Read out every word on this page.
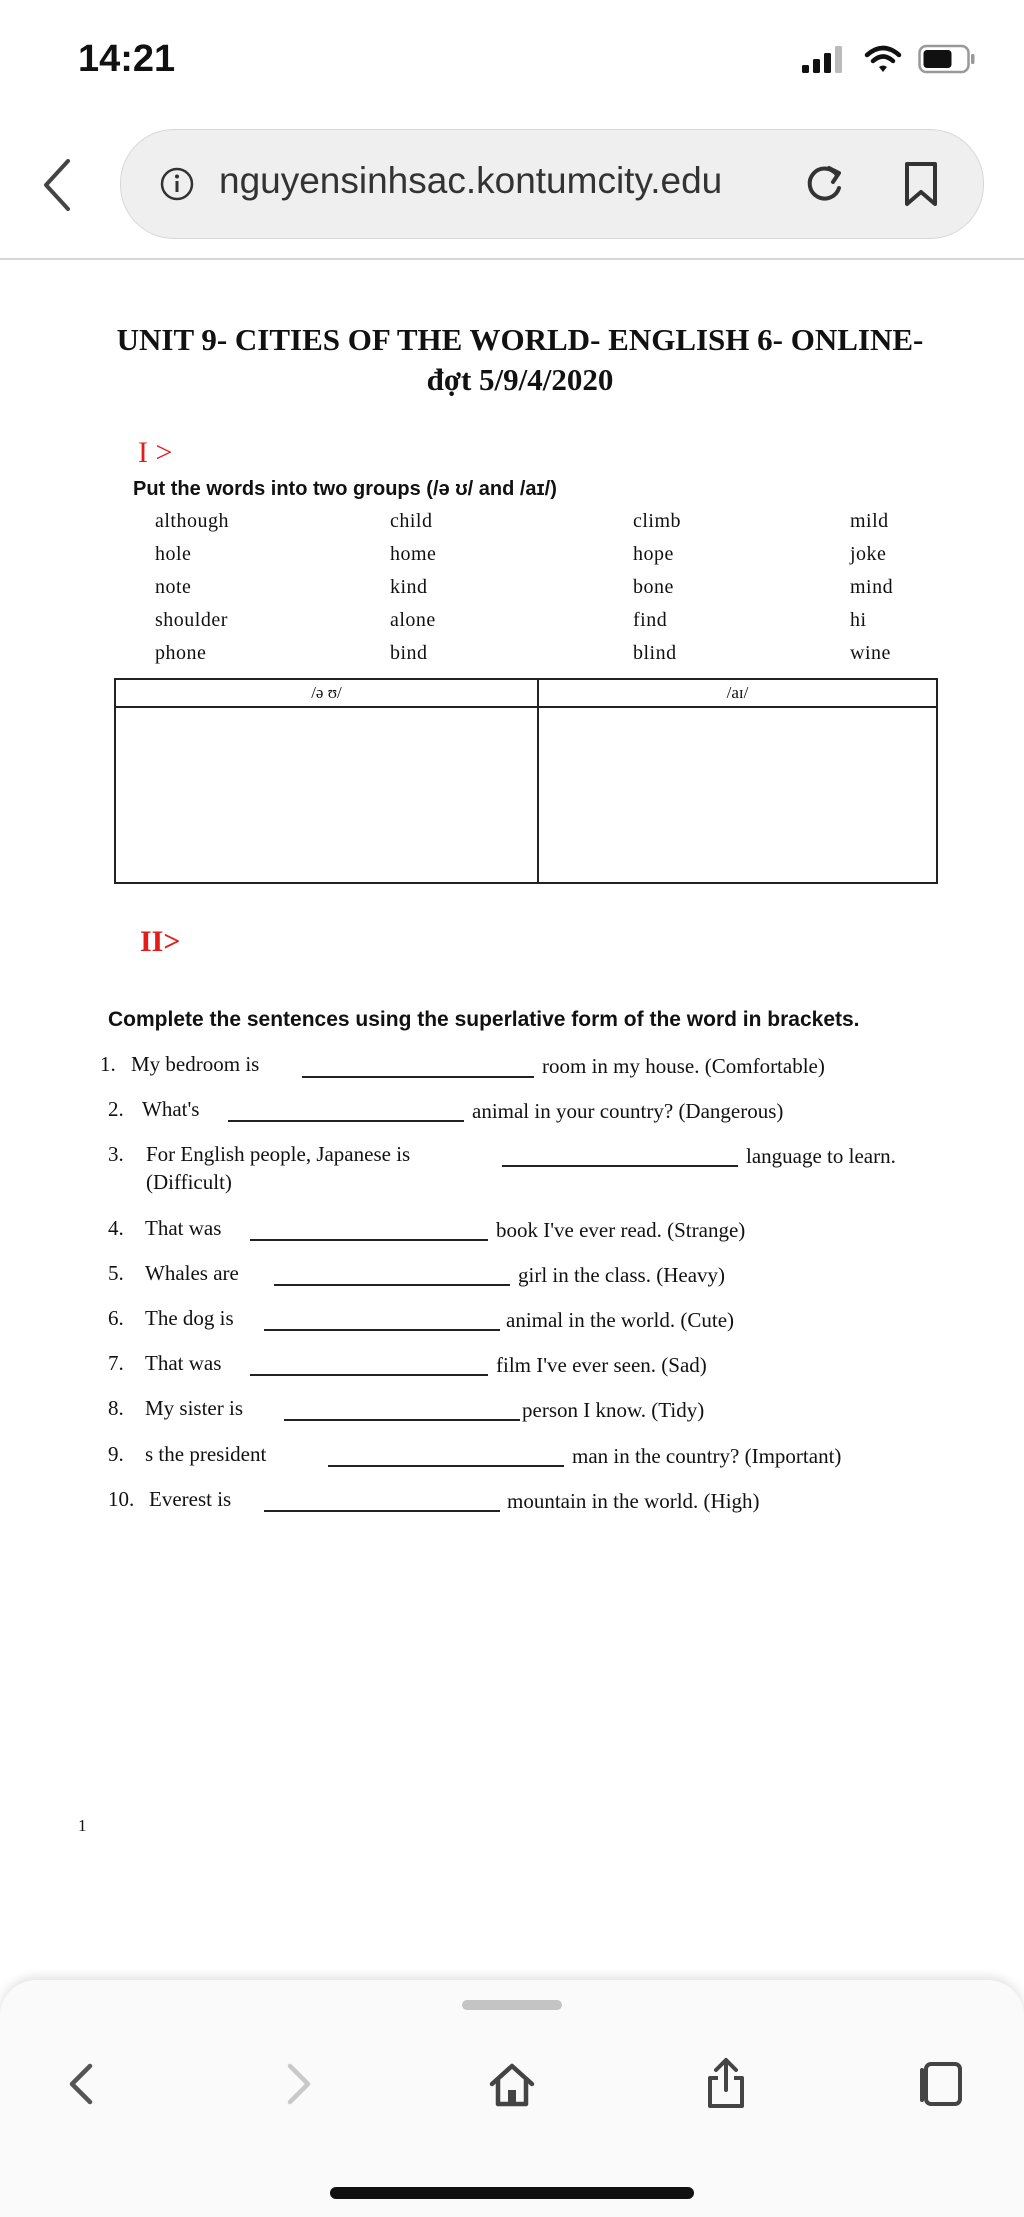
14:21
nguyensinhsac.kontumcity.edu
UNIT 9- CITIES OF THE WORLD- ENGLISH 6- ONLINE-
đợt 5/9/4/2020
I >
Put the words into two groups (/ə ʊ/ and /aɪ/)
although	child	climb	mild
hole	home	hope	joke
note	kind	bone	mind
shoulder	alone	find	hi
phone	bind	blind	wine
/ə ʊ/	/aɪ/
II>
Complete the sentences using the superlative form of the word in brackets.
1. My bedroom is	room in my house. (Comfortable)
2. What's	animal in your country? (Dangerous)
3. For English people, Japanese is	language to learn.
(Difficult)
4. That was	book I've ever read. (Strange)
5. Whales are	girl in the class. (Heavy)
6. The dog is	animal in the world. (Cute)
7. That was	film I've ever seen. (Sad)
8. My sister is	person I know. (Tidy)
9. s the president	man in the country? (Important)
10. Everest is	mountain in the world. (High)
1
